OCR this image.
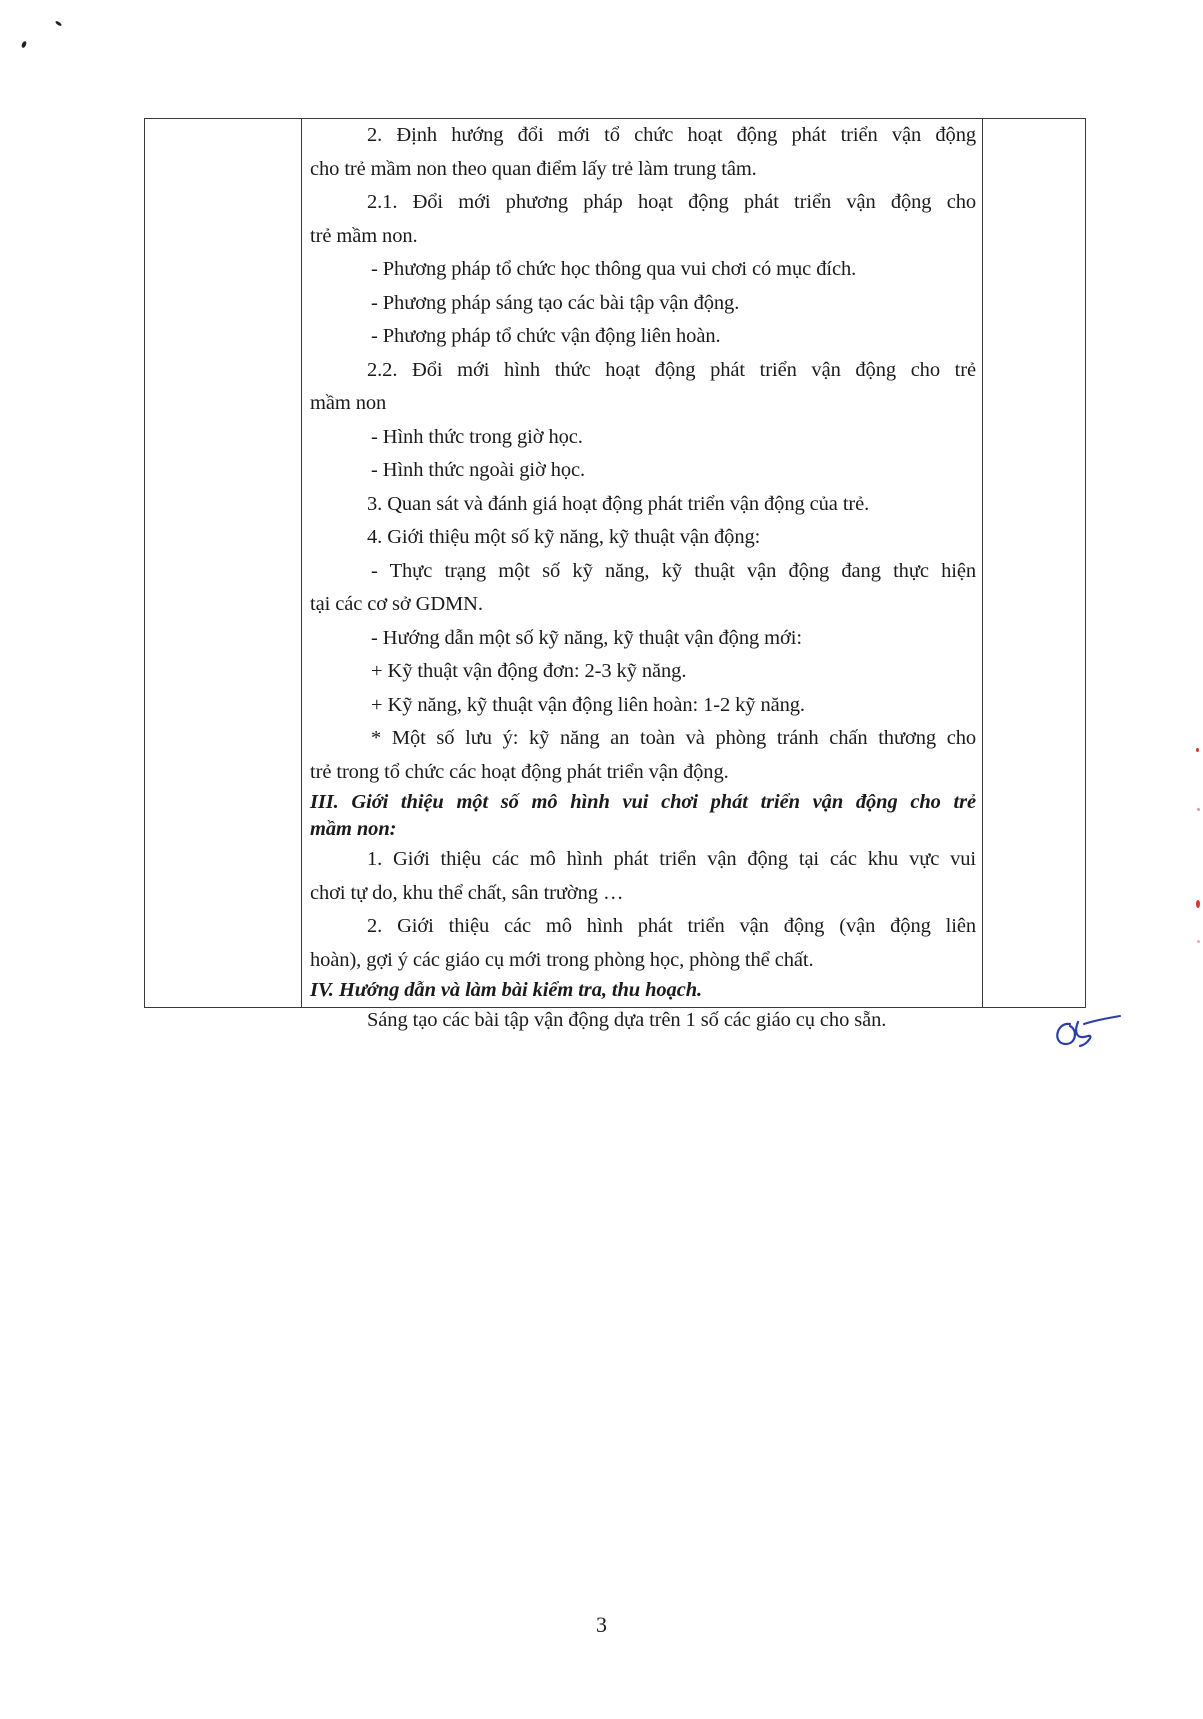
2. Định hướng đổi mới tổ chức hoạt động phát triển vận động

cho trẻ mầm non theo quan điểm lấy trẻ làm trung tâm.

2.1. Đổi mới phương pháp hoạt động phát triển vận động cho

trẻ mầm non.

- Phương pháp tổ chức học thông qua vui chơi có mục đích.

- Phương pháp sáng tạo các bài tập vận động.

- Phương pháp tổ chức vận động liên hoàn.

2.2. Đổi mới hình thức hoạt động phát triển vận động cho trẻ

mầm non

- Hình thức trong giờ học.

- Hình thức ngoài giờ học.

3. Quan sát và đánh giá hoạt động phát triển vận động của trẻ.

4. Giới thiệu một số kỹ năng, kỹ thuật vận động:

- Thực trạng một số kỹ năng, kỹ thuật vận động đang thực hiện

tại các cơ sở GDMN.

- Hướng dẫn một số kỹ năng, kỹ thuật vận động mới:

+ Kỹ thuật vận động đơn: 2-3 kỹ năng.

+ Kỹ năng, kỹ thuật vận động liên hoàn: 1-2 kỹ năng.

* Một số lưu ý: kỹ năng an toàn và phòng tránh chấn thương cho

trẻ trong tổ chức các hoạt động phát triển vận động.

III. Giới thiệu một số mô hình vui chơi phát triển vận động cho trẻ

mầm non:

1. Giới thiệu các mô hình phát triển vận động tại các khu vực vui

chơi tự do, khu thể chất, sân trường …

2. Giới thiệu các mô hình phát triển vận động (vận động liên

hoàn), gợi ý các giáo cụ mới trong phòng học, phòng thể chất.

IV. Hướng dẫn và làm bài kiểm tra, thu hoạch.

Sáng tạo các bài tập vận động dựa trên 1 số các giáo cụ cho sẵn.

3
